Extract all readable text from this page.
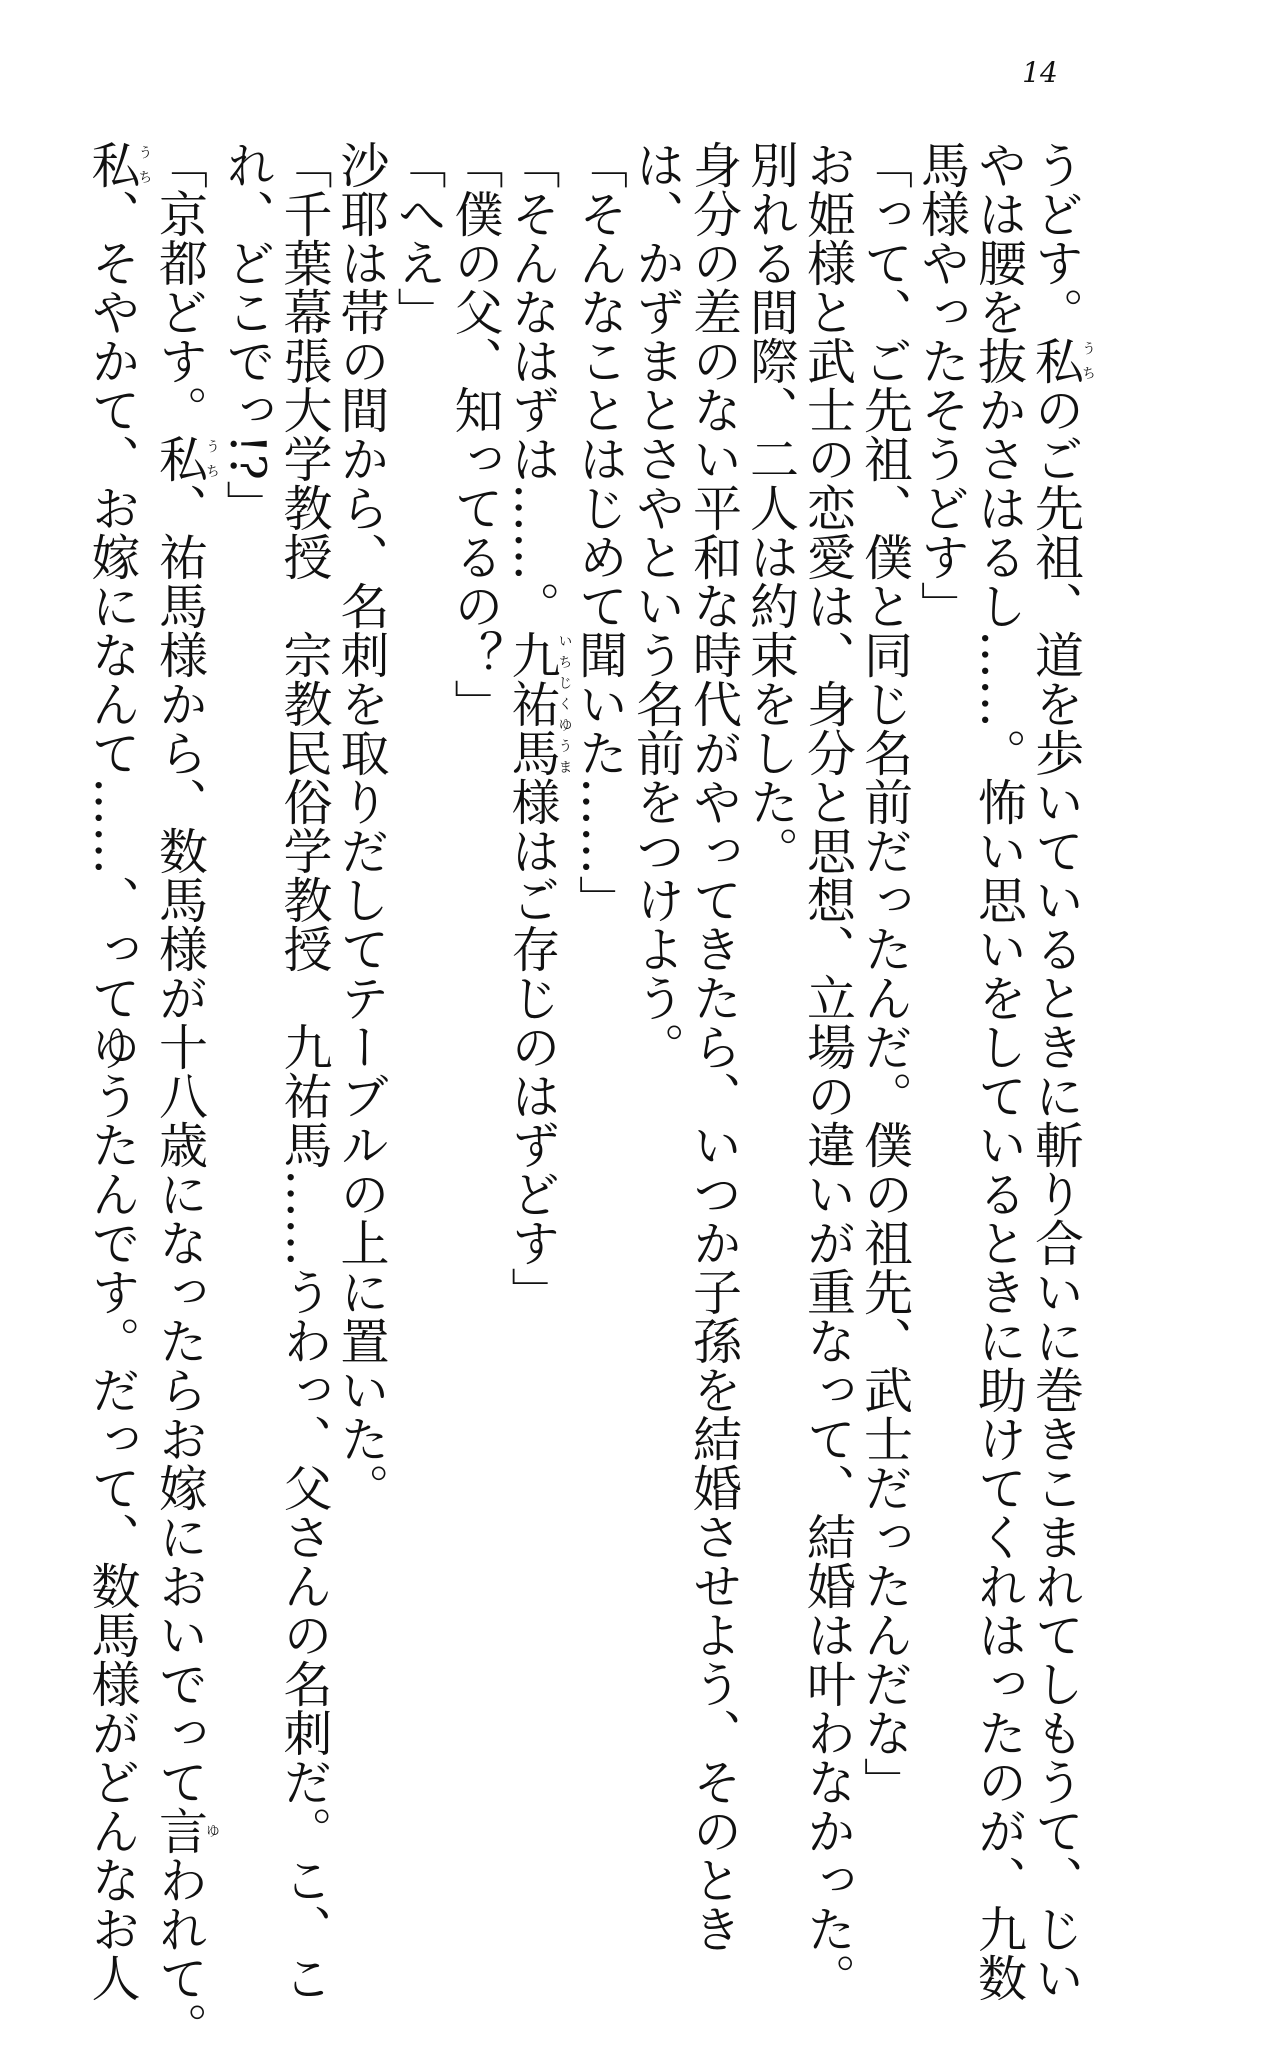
14

うどす。私うちのご先祖、道を歩いているときに斬り合いに巻きこまれてしもうて、じい

やは腰を抜かさはるし……。怖い思いをしているときに助けてくれはったのが、九数

馬様やったそうどす」

「って、ご先祖、僕と同じ名前だったんだ。僕の祖先、武士だったんだな」

お姫様と武士の恋愛は、身分と思想、立場の違いが重なって、結婚は叶わなかった。

別れる間際、二人は約束をした。

身分の差のない平和な時代がやってきたら、いつか子孫を結婚させよう、そのとき

は、かずまとさやという名前をつけよう。

「そんなことはじめて聞いた……」

「そんなはずは……。九祐馬いちじくゆうま様はご存じのはずどす」

「僕の父、知ってるの？」

「へえ」

沙耶は帯の間から、名刺を取りだしてテーブルの上に置いた。

「千葉幕張大学教授　宗教民俗学教授　九祐馬……うわっ、父さんの名刺だ。こ、こ

れ、どこでっ!?」

「京都どす。私うち、祐馬様から、数馬様が十八歳になったらお嫁においでって言ゆわれて。

私うち、そやかて、お嫁になんて……、ってゆうたんです。だって、数馬様がどんなお人
